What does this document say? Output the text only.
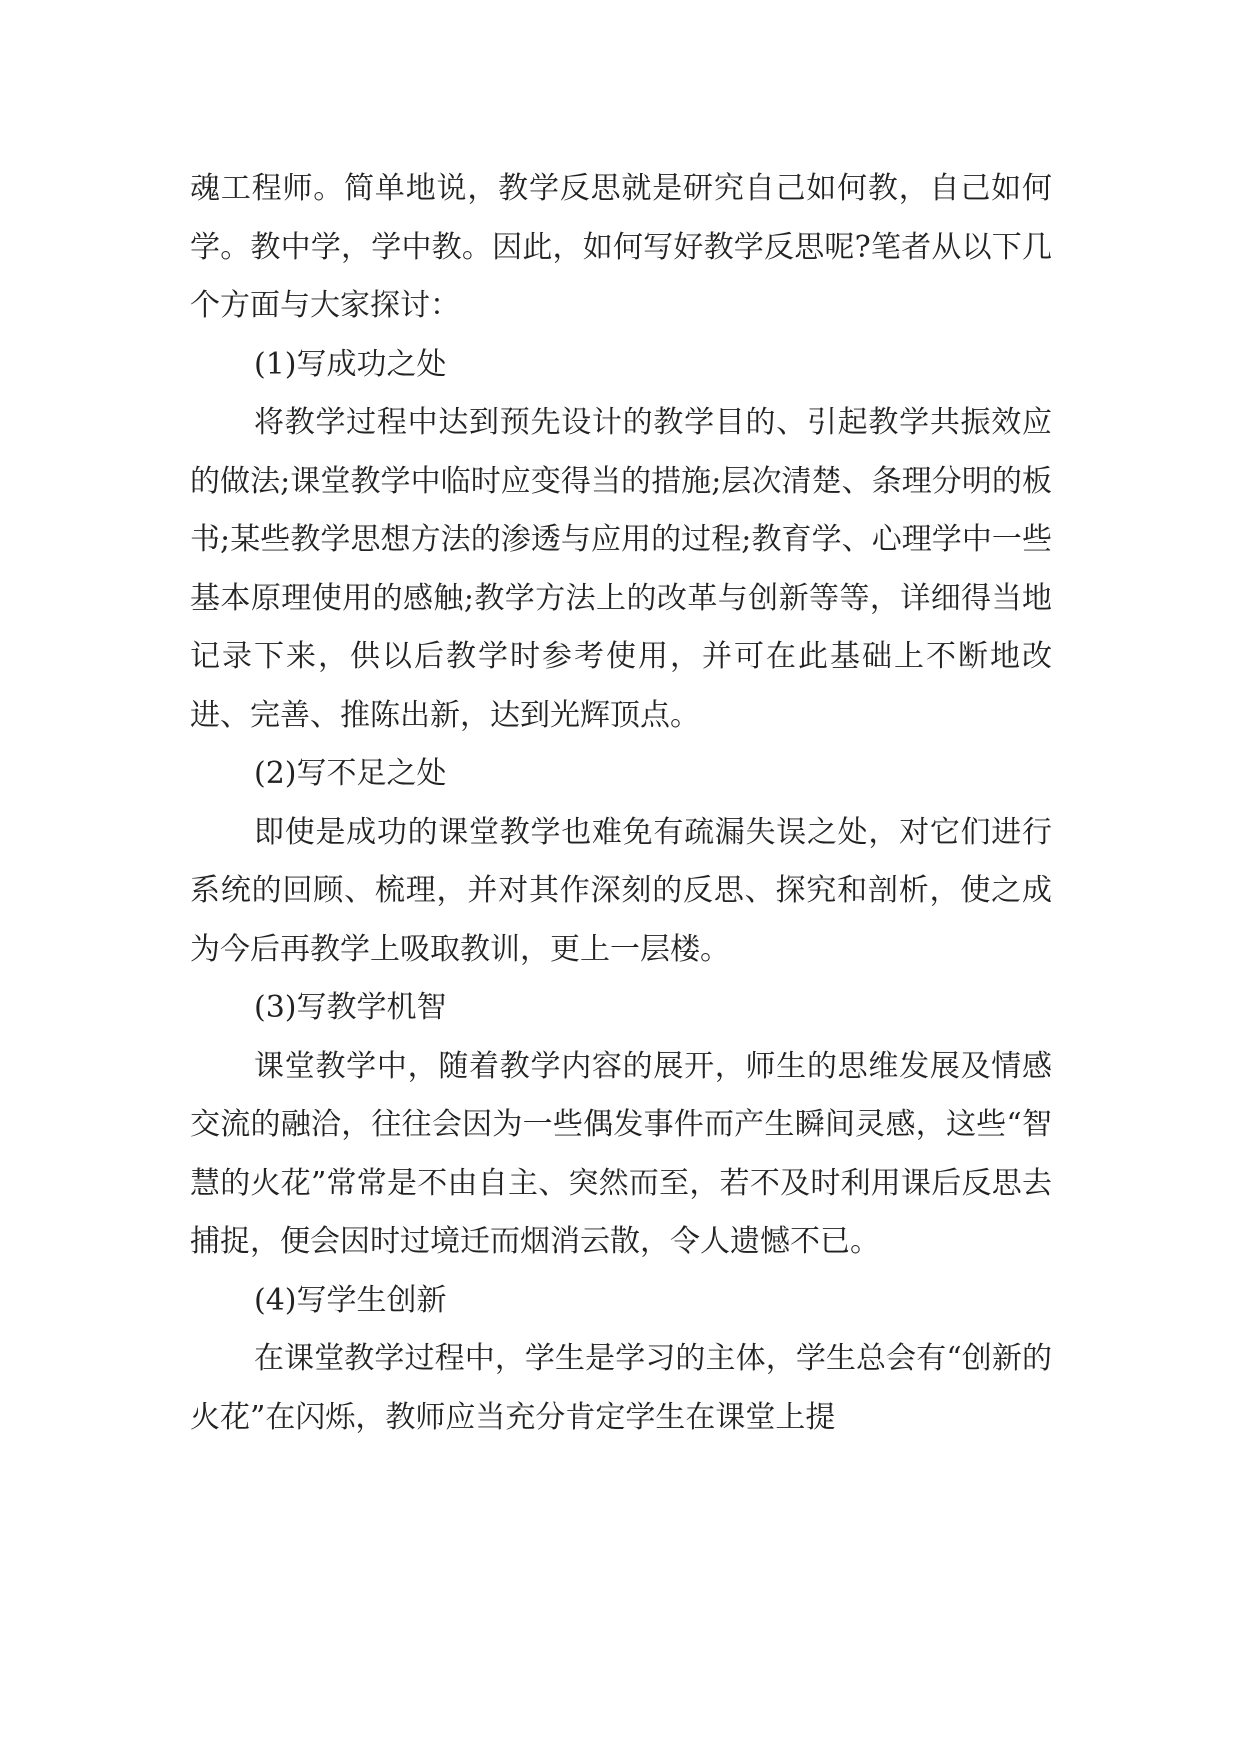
魂工程师。简单地说，教学反思就是研究自己如何教，自己如何学。教中学，学中教。因此，如何写好教学反思呢?笔者从以下几个方面与大家探讨：

(1)写成功之处

将教学过程中达到预先设计的教学目的、引起教学共振效应的做法;课堂教学中临时应变得当的措施;层次清楚、条理分明的板书;某些教学思想方法的渗透与应用的过程;教育学、心理学中一些基本原理使用的感触;教学方法上的改革与创新等等，详细得当地记录下来，供以后教学时参考使用，并可在此基础上不断地改进、完善、推陈出新，达到光辉顶点。

(2)写不足之处

即使是成功的课堂教学也难免有疏漏失误之处，对它们进行系统的回顾、梳理，并对其作深刻的反思、探究和剖析，使之成为今后再教学上吸取教训，更上一层楼。

(3)写教学机智

课堂教学中，随着教学内容的展开，师生的思维发展及情感交流的融洽，往往会因为一些偶发事件而产生瞬间灵感，这些“智慧的火花”常常是不由自主、突然而至，若不及时利用课后反思去捕捉，便会因时过境迁而烟消云散，令人遗憾不已。

(4)写学生创新

在课堂教学过程中，学生是学习的主体，学生总会有“创新的火花”在闪烁，教师应当充分肯定学生在课堂上提
